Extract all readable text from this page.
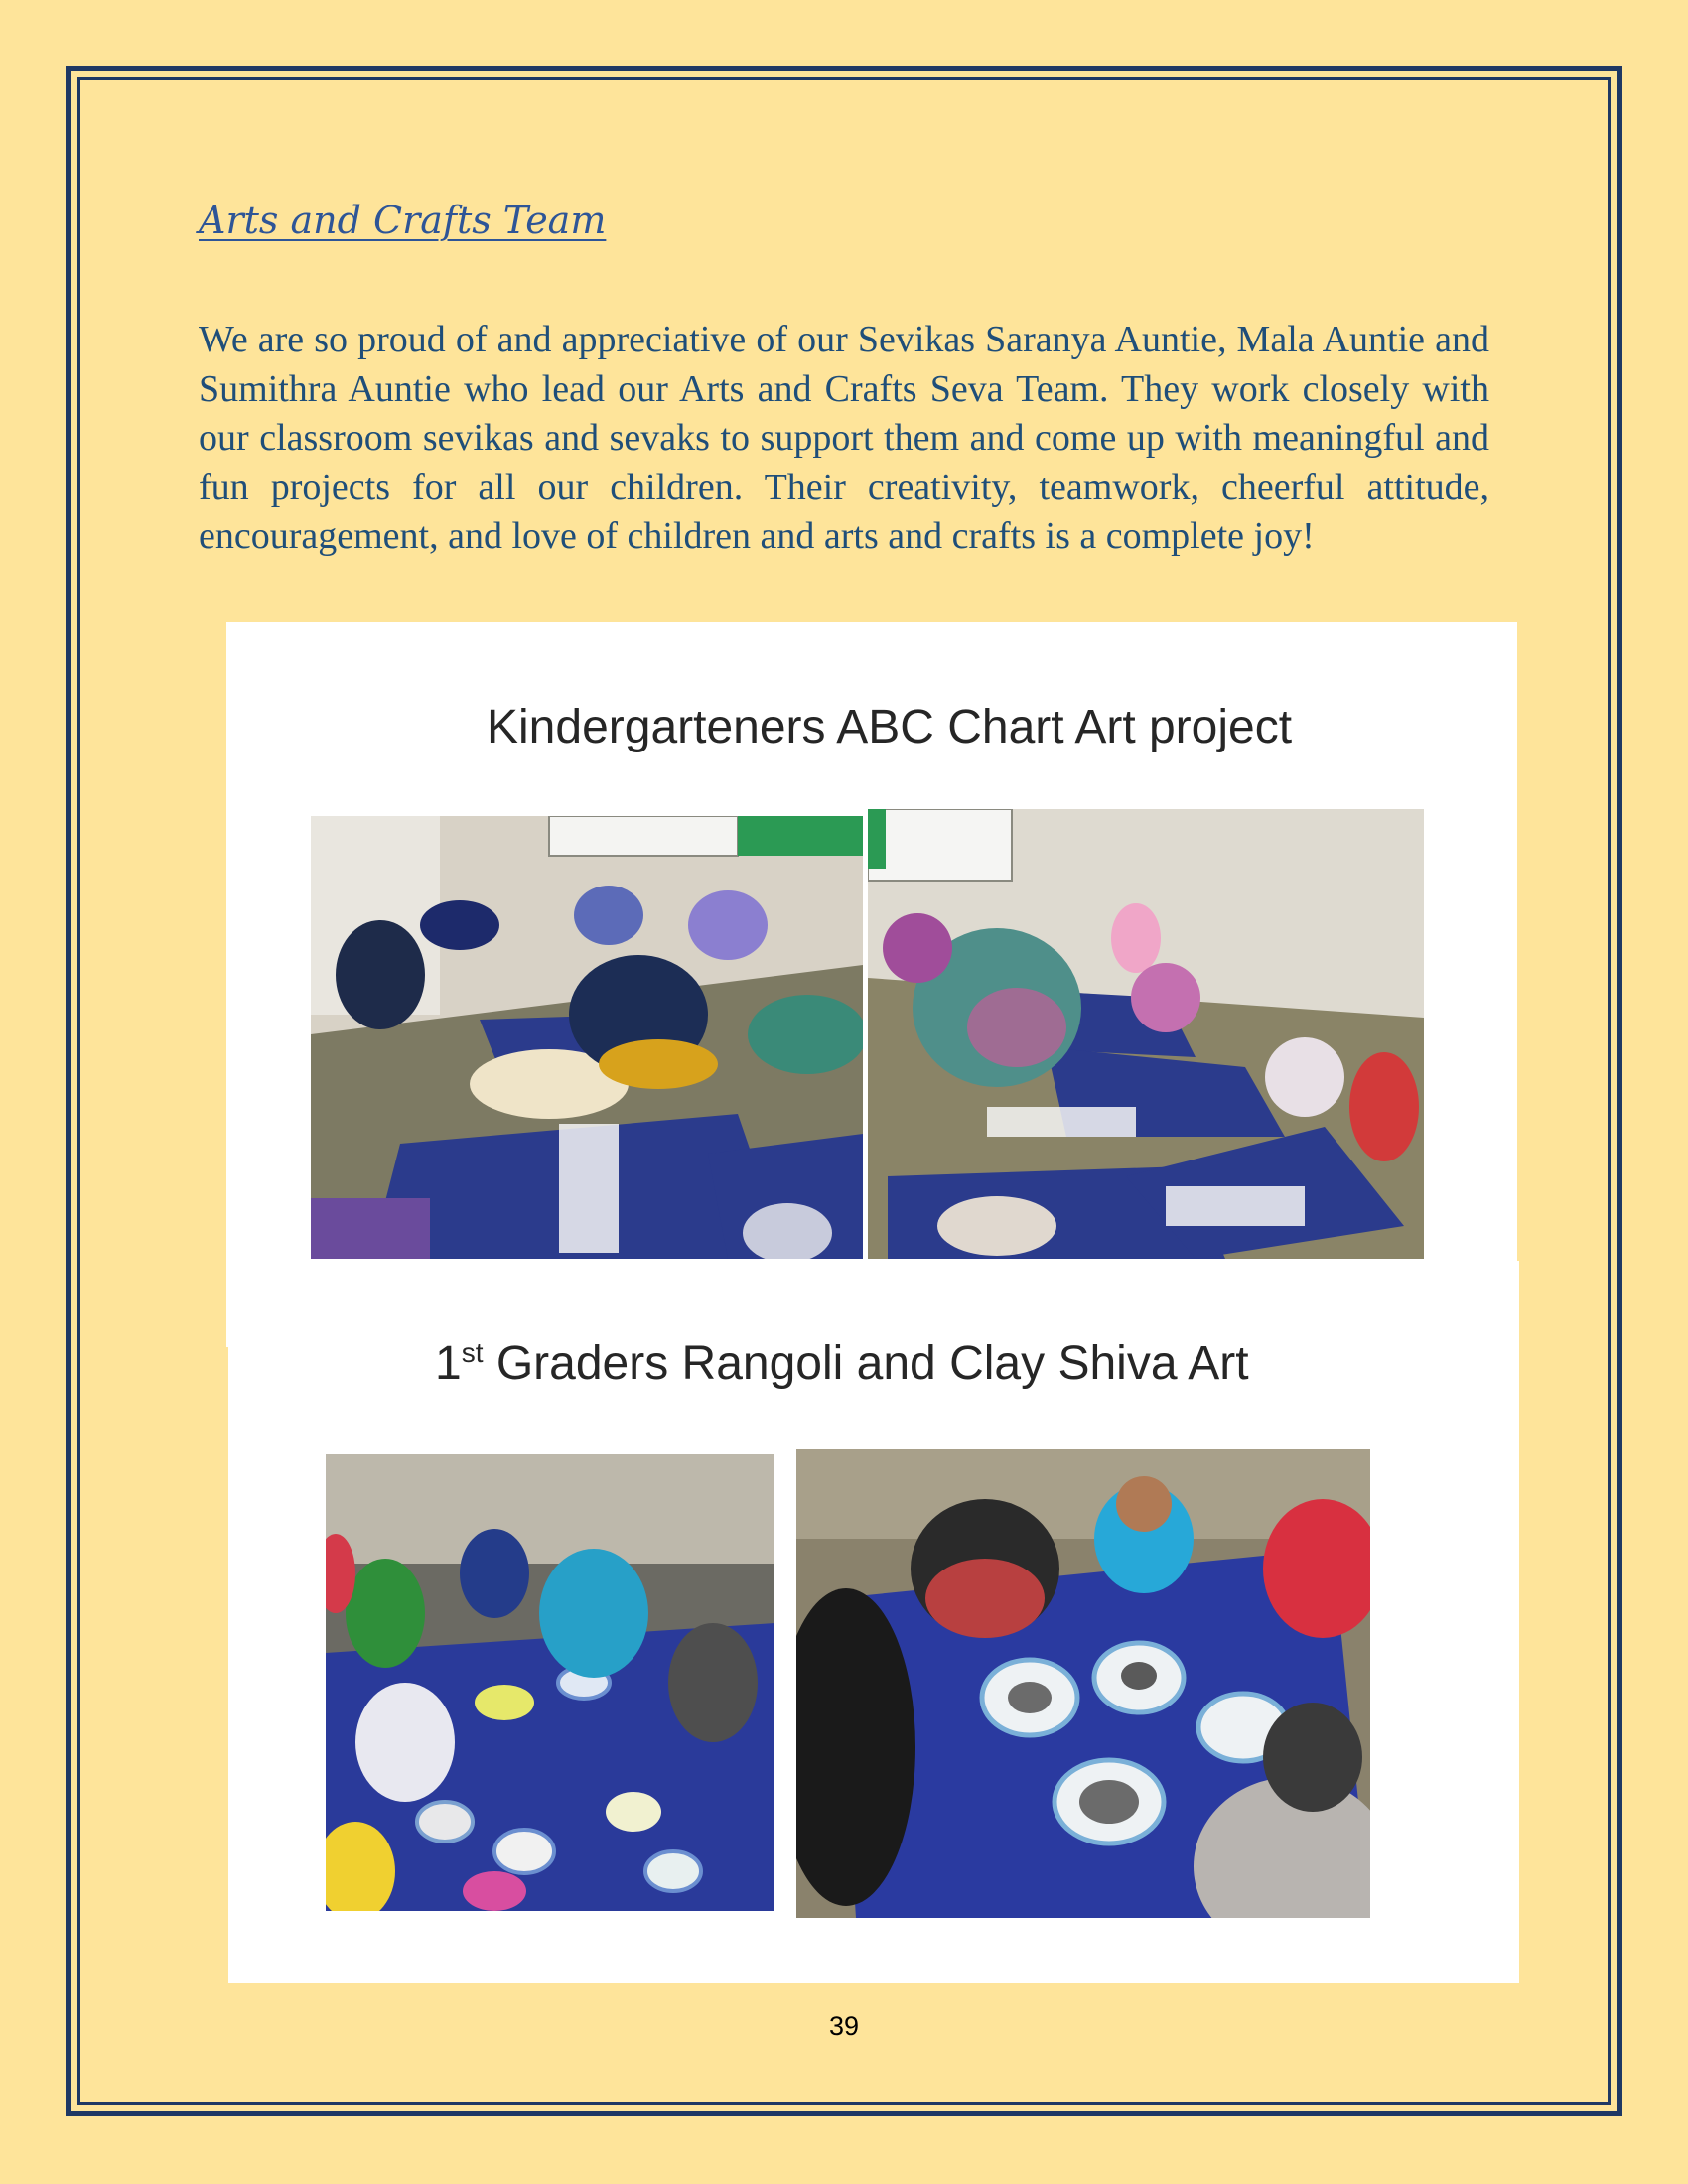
Arts and Crafts Team

We are so proud of and appreciative of our Sevikas Saranya Auntie, Mala Auntie and Sumithra Auntie who lead our Arts and Crafts Seva Team. They work closely with our classroom sevikas and sevaks to support them and come up with meaningful and fun projects for all our children. Their creativity, teamwork, cheerful attitude, encouragement, and love of children and arts and crafts is a complete joy!

Kindergarteners ABC Chart Art project
1st Graders Rangoli and Clay Shiva Art
39
